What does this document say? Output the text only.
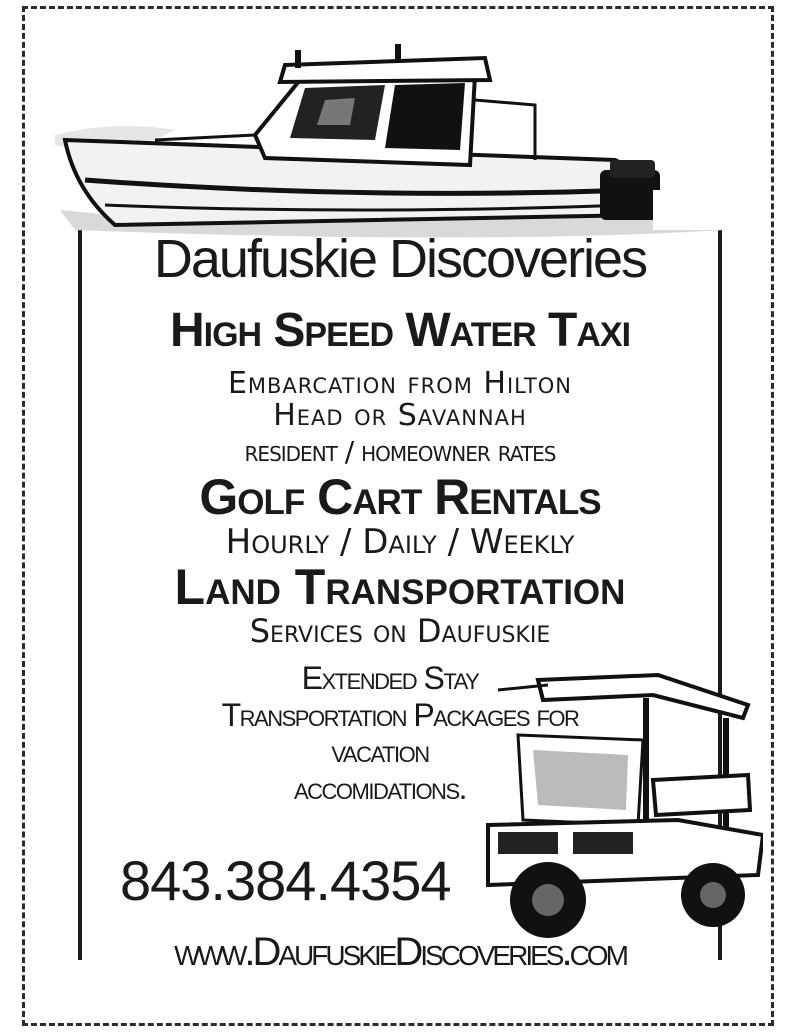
Daufuskie Discoveries
High Speed Water Taxi
Embarcation from Hilton
Head or Savannah
resident / homeowner rates
Golf Cart Rentals
Hourly / Daily / Weekly
Land Transportation
Services on Daufuskie
Extended Stay
Transportation Packages for
vacation
accomidations.
843.384.4354
www.DaufuskieDiscoveries.com
